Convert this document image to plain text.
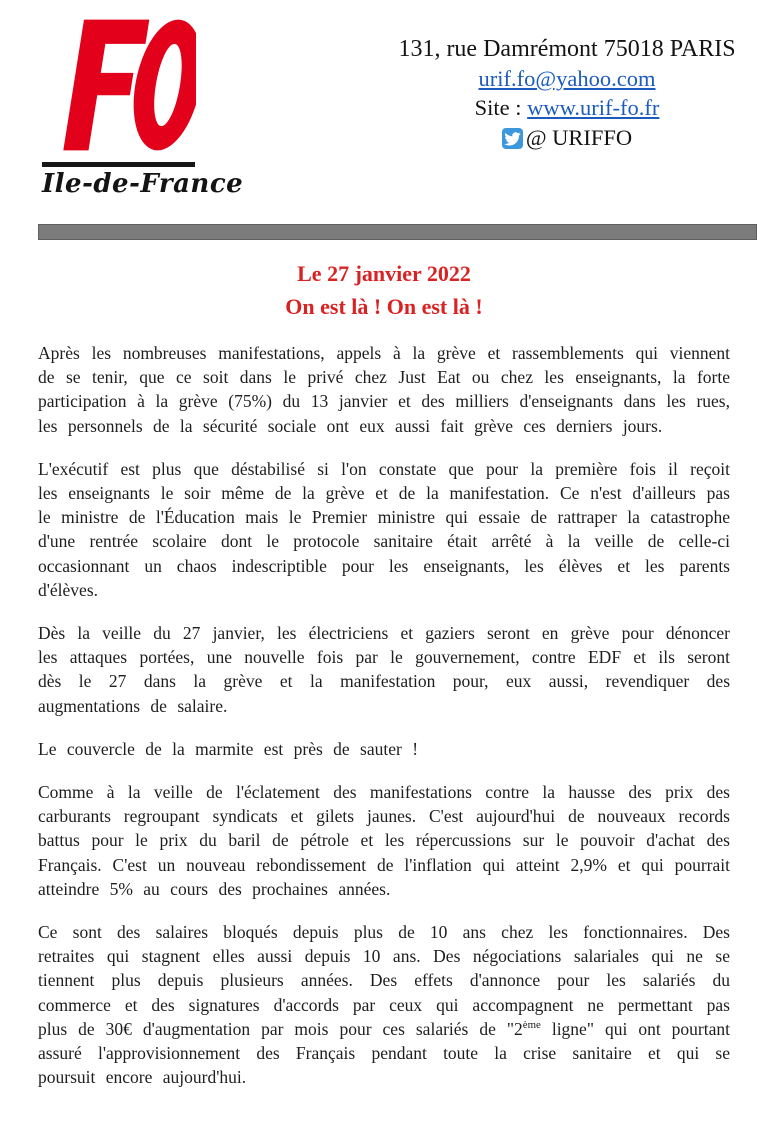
Ile-de-France
131, rue Damrémont 75018 PARIS
urif.fo@yahoo.com
Site : www.urif-fo.fr
@ URIFFO
Le 27 janvier 2022
On est là ! On est là !

Après les nombreuses manifestations, appels à la grève et rassemblements qui viennent de se tenir, que ce soit dans le privé chez Just Eat ou chez les enseignants, la forte participation à la grève (75%) du 13 janvier et des milliers d'enseignants dans les rues, les personnels de la sécurité sociale ont eux aussi fait grève ces derniers jours.

L'exécutif est plus que déstabilisé si l'on constate que pour la première fois il reçoit les enseignants le soir même de la grève et de la manifestation. Ce n'est d'ailleurs pas le ministre de l'Éducation mais le Premier ministre qui essaie de rattraper la catastrophe d'une rentrée scolaire dont le protocole sanitaire était arrêté à la veille de celle-ci occasionnant un chaos indescriptible pour les enseignants, les élèves et les parents d'élèves.

Dès la veille du 27 janvier, les électriciens et gaziers seront en grève pour dénoncer les attaques portées, une nouvelle fois par le gouvernement, contre EDF et ils seront dès le 27 dans la grève et la manifestation pour, eux aussi, revendiquer des augmentations de salaire.

Le couvercle de la marmite est près de sauter !

Comme à la veille de l'éclatement des manifestations contre la hausse des prix des carburants regroupant syndicats et gilets jaunes. C'est aujourd'hui de nouveaux records battus pour le prix du baril de pétrole et les répercussions sur le pouvoir d'achat des Français. C'est un nouveau rebondissement de l'inflation qui atteint 2,9% et qui pourrait atteindre 5% au cours des prochaines années.

Ce sont des salaires bloqués depuis plus de 10 ans chez les fonctionnaires. Des retraites qui stagnent elles aussi depuis 10 ans. Des négociations salariales qui ne se tiennent plus depuis plusieurs années. Des effets d'annonce pour les salariés du commerce et des signatures d'accords par ceux qui accompagnent ne permettant pas plus de 30€ d'augmentation par mois pour ces salariés de "2ème ligne" qui ont pourtant assuré l'approvisionnement des Français pendant toute la crise sanitaire et qui se poursuit encore aujourd'hui.
